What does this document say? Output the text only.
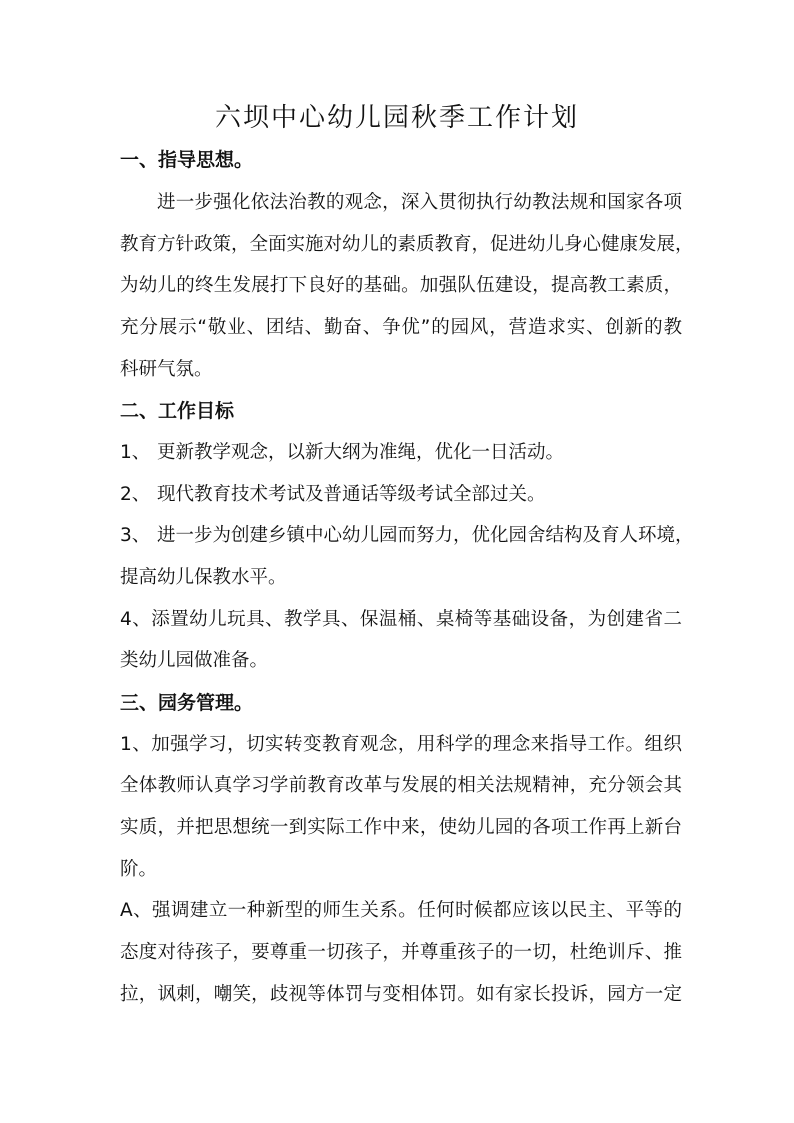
六坝中心幼儿园秋季工作计划
一、指导思想。
进一步强化依法治教的观念，深入贯彻执行幼教法规和国家各项
教育方针政策，全面实施对幼儿的素质教育，促进幼儿身心健康发展，
为幼儿的终生发展打下良好的基础。加强队伍建设，提高教工素质，
充分展示“敬业、团结、勤奋、争优”的园风，营造求实、创新的教
科研气氛。
二、工作目标
1、 更新教学观念，以新大纲为准绳，优化一日活动。
2、 现代教育技术考试及普通话等级考试全部过关。
3、 进一步为创建乡镇中心幼儿园而努力，优化园舍结构及育人环境，
提高幼儿保教水平。
4、添置幼儿玩具、教学具、保温桶、桌椅等基础设备，为创建省二
类幼儿园做准备。
三、园务管理。
1、加强学习，切实转变教育观念，用科学的理念来指导工作。组织
全体教师认真学习学前教育改革与发展的相关法规精神，充分领会其
实质，并把思想统一到实际工作中来，使幼儿园的各项工作再上新台
阶。
A、强调建立一种新型的师生关系。任何时候都应该以民主、平等的
态度对待孩子，要尊重一切孩子，并尊重孩子的一切，杜绝训斥、推
拉，讽刺，嘲笑，歧视等体罚与变相体罚。如有家长投诉，园方一定
